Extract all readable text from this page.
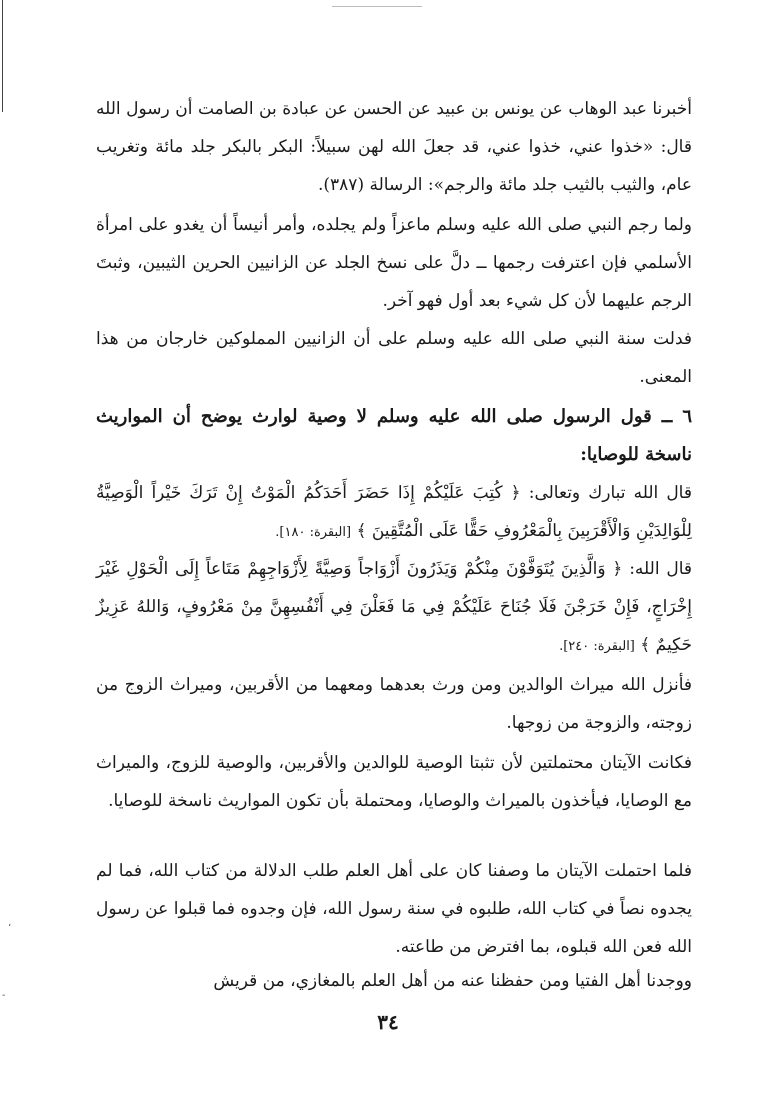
،
-

أخبرنا عبد الوهاب عن يونس بن عبيد عن الحسن عن عبادة بن الصامت أن رسول الله قال: «خذوا عني، خذوا عني، قد جعلَ الله لهن سبيلاً: البكر بالبكر جلد مائة وتغريب عام، والثيب بالثيب جلد مائة والرجم»: الرسالة (٣٨٧).

ولما رجم النبي صلى الله عليه وسلم ماعزاً ولم يجلده، وأمر أنيساً أن يغدو على امرأة الأسلمي فإن اعترفت رجمها ــ دلَّ على نسخ الجلد عن الزانيين الحرين الثيبين، وثبتَ الرجم عليهما لأن كل شيء بعد أول فهو آخر.

فدلت سنة النبي صلى الله عليه وسلم على أن الزانيين المملوكين خارجان من هذا المعنى.

٦ ــ قول الرسول صلى الله عليه وسلم لا وصية لوارث يوضح أن المواريث ناسخة للوصايا:

قال الله تبارك وتعالى: ﴿ كُتِبَ عَلَيْكُمْ إِذَا حَضَرَ أَحَدَكُمُ الْمَوْتُ إِنْ تَرَكَ خَيْراً الْوَصِيَّةُ لِلْوَالِدَيْنِ وَالْأَقْرَبِينَ بِالْمَعْرُوفِ حَقًّا عَلَى الْمُتَّقِينَ ﴾ [البقرة: ١٨٠].

قال الله: ﴿ وَالَّذِينَ يُتَوَفَّوْنَ مِنْكُمْ وَيَذَرُونَ أَزْوَاجاً وَصِيَّةً لِأَزْوَاجِهِمْ مَتَاعاً إِلَى الْحَوْلِ غَيْرَ إِخْرَاجٍ، فَإِنْ خَرَجْنَ فَلَا جُنَاحَ عَلَيْكُمْ فِي مَا فَعَلْنَ فِي أَنْفُسِهِنَّ مِنْ مَعْرُوفٍ، وَاللهُ عَزِيزٌ حَكِيمٌ ﴾ [البقرة: ٢٤٠].

فأنزل الله ميراث الوالدين ومن ورث بعدهما ومعهما من الأقربين، وميراث الزوج من زوجته، والزوجة من زوجها.

فكانت الآيتان محتملتين لأن تثبتا الوصية للوالدين والأقربين، والوصية للزوج، والميراث مع الوصايا، فيأخذون بالميراث والوصايا، ومحتملة بأن تكون المواريث ناسخة للوصايا.

فلما احتملت الآيتان ما وصفنا كان على أهل العلم طلب الدلالة من كتاب الله، فما لم يجدوه نصاً في كتاب الله، طلبوه في سنة رسول الله، فإن وجدوه فما قبلوا عن رسول الله فعن الله قبلوه، بما افترض من طاعته.

ووجدنا أهل الفتيا ومن حفظنا عنه من أهل العلم بالمغازي، من قريش

٣٤
